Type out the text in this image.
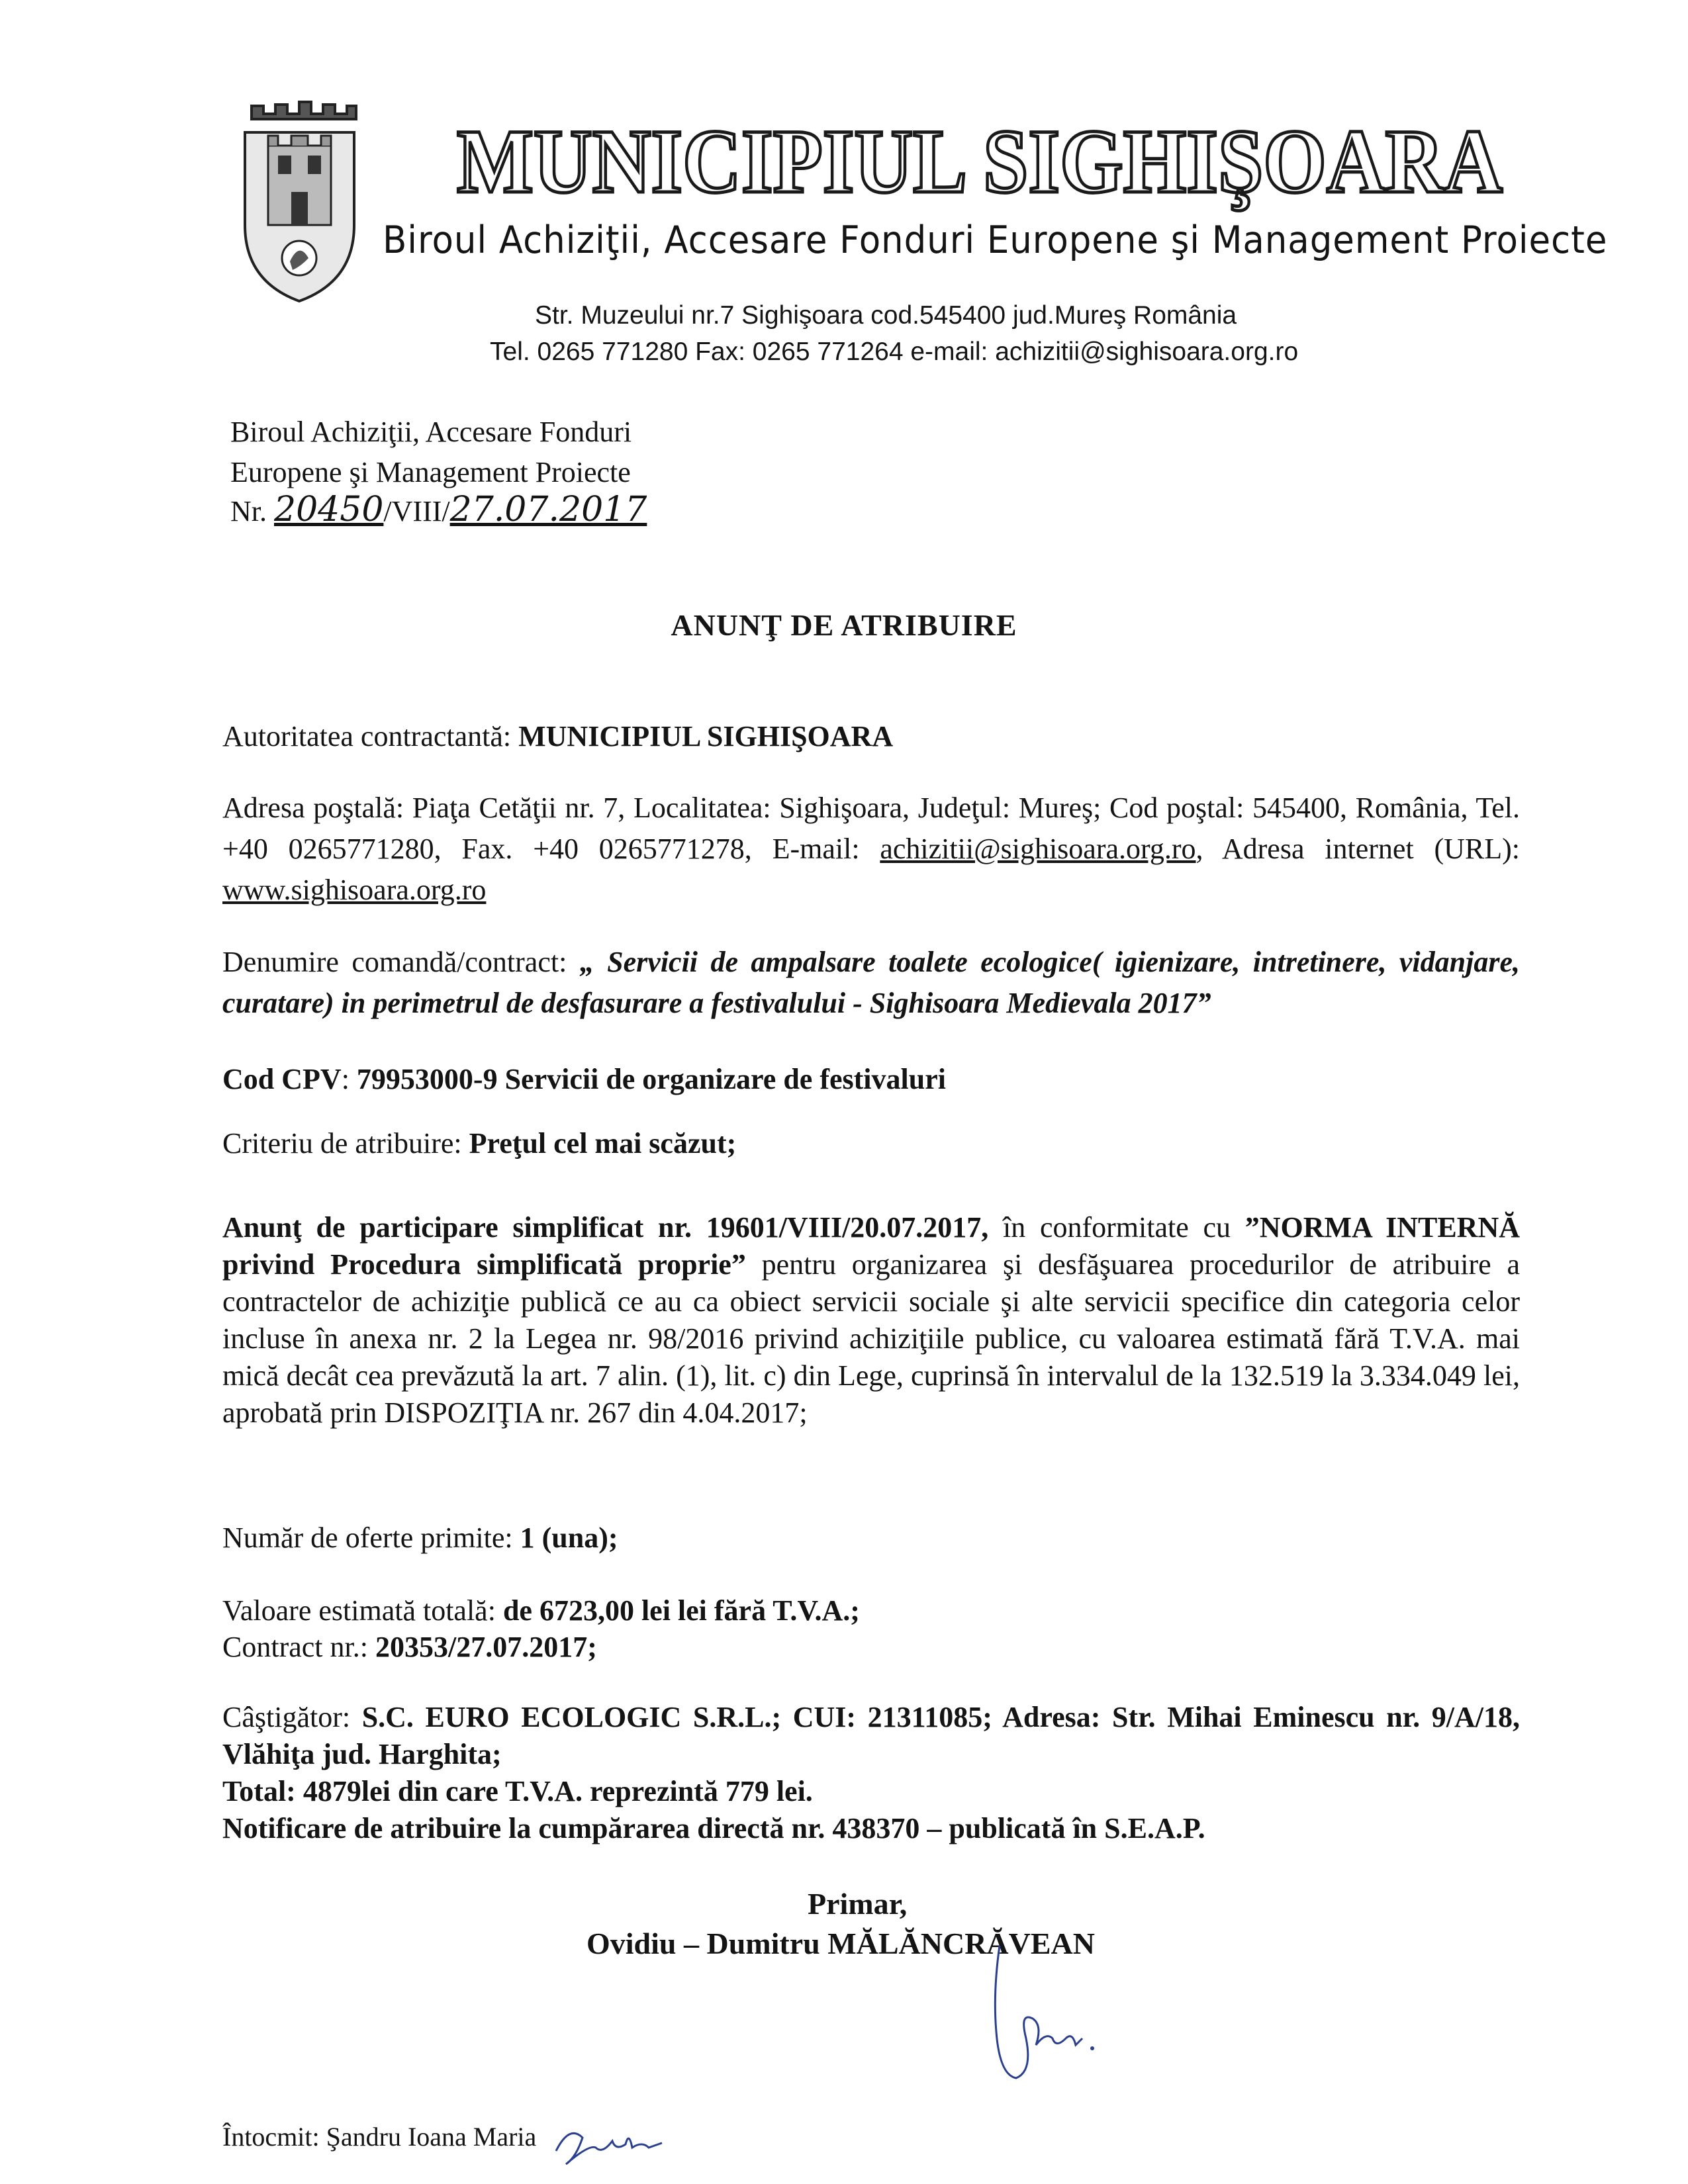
MUNICIPIUL SIGHIŞOARA
Biroul Achiziţii, Accesare Fonduri Europene şi Management Proiecte
Str. Muzeului nr.7 Sighişoara cod.545400 jud.Mureş România
Tel. 0265 771280 Fax: 0265 771264 e-mail: achizitii@sighisoara.org.ro
Biroul Achiziţii, Accesare Fonduri
Europene şi Management Proiecte
Nr. 20450/VIII/27.07.2017
ANUNŢ DE ATRIBUIRE
Autoritatea contractantă: MUNICIPIUL SIGHIŞOARA
Adresa poştală: Piaţa Cetăţii nr. 7, Localitatea: Sighişoara, Judeţul: Mureş; Cod poştal: 545400, România, Tel. +40 0265771280, Fax. +40 0265771278, E-mail: achizitii@sighisoara.org.ro, Adresa internet (URL): www.sighisoara.org.ro
Denumire comandă/contract: „ Servicii de ampalsare toalete ecologice( igienizare, intretinere, vidanjare, curatare) in perimetrul de desfasurare a festivalului - Sighisoara Medievala 2017”
Cod CPV: 79953000-9 Servicii de organizare de festivaluri
Criteriu de atribuire: Preţul cel mai scăzut;
Anunţ de participare simplificat nr. 19601/VIII/20.07.2017, în conformitate cu ”NORMA INTERNĂ privind Procedura simplificată proprie” pentru organizarea şi desfăşuarea procedurilor de atribuire a contractelor de achiziţie publică ce au ca obiect servicii sociale şi alte servicii specifice din categoria celor incluse în anexa nr. 2 la Legea nr. 98/2016 privind achiziţiile publice, cu valoarea estimată fără T.V.A. mai mică decât cea prevăzută la art. 7 alin. (1), lit. c) din Lege, cuprinsă în intervalul de la 132.519 la 3.334.049 lei, aprobată prin DISPOZIŢIA nr. 267 din 4.04.2017;
Număr de oferte primite: 1 (una);
Valoare estimată totală: de 6723,00 lei lei fără T.V.A.;
Contract nr.: 20353/27.07.2017;
Câştigător: S.C. EURO ECOLOGIC S.R.L.; CUI: 21311085; Adresa: Str. Mihai Eminescu nr. 9/A/18, Vlăhiţa jud. Harghita;
Total: 4879lei din care T.V.A. reprezintă 779 lei.
Notificare de atribuire la cumpărarea directă nr. 438370 – publicată în S.E.A.P.
Primar,
Ovidiu – Dumitru MĂLĂNCRĂVEAN
Întocmit: Şandru Ioana Maria
